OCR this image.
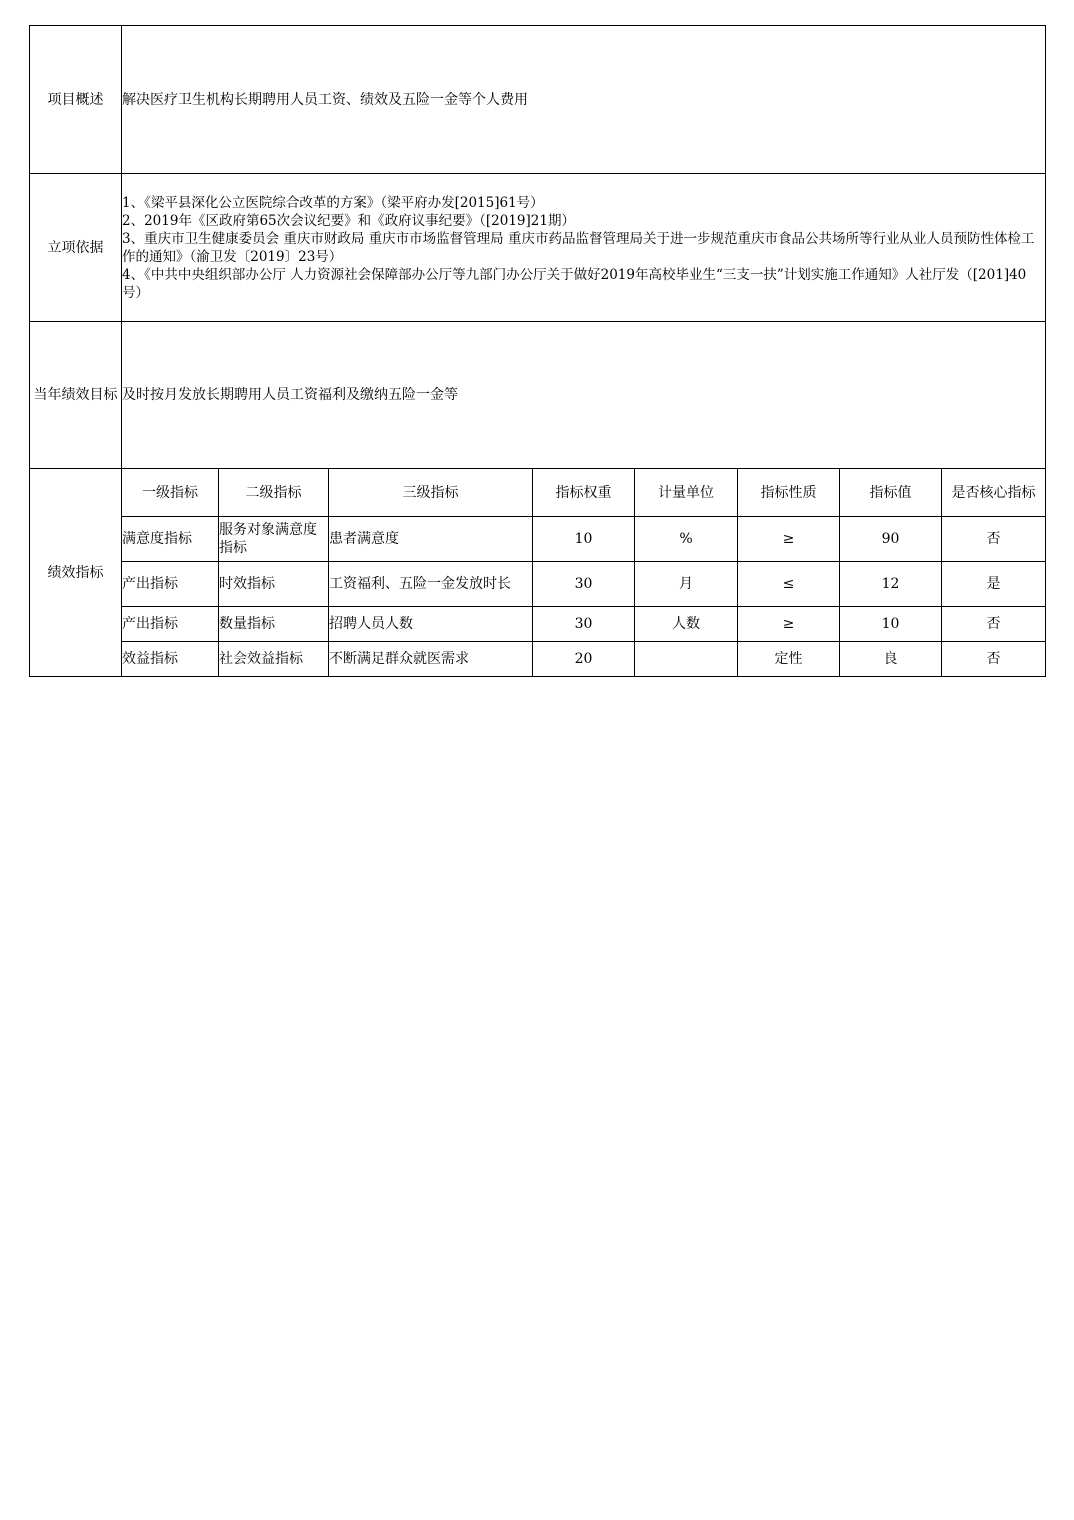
项目概述	解决医疗卫生机构长期聘用人员工资、绩效及五险一金等个人费用							
立项依据	1、《梁平县深化公立医院综合改革的方案》（梁平府办发[2015]61号）
2、2019年《区政府第65次会议纪要》和《政府议事纪要》（[2019]21期）
3、重庆市卫生健康委员会 重庆市财政局 重庆市市场监督管理局 重庆市药品监督管理局关于进一步规范重庆市食品公共场所等行业从业人员预防性体检工作的通知》（渝卫发〔2019〕23号）
4、《中共中央组织部办公厅 人力资源社会保障部办公厅等九部门办公厅关于做好2019年高校毕业生“三支一扶”计划实施工作通知》人社厅发（[201]40号）							

当年绩效目标	及时按月发放长期聘用人员工资福利及缴纳五险一金等							
绩效指标	一级指标	二级指标	三级指标	指标权重	计量单位	指标性质	指标值	是否核心指标
	满意度指标	服务对象满意度指标	患者满意度	10	%	≥	90	否
	产出指标	时效指标	工资福利、五险一金发放时长	30	月	≤	12	是
	产出指标	数量指标	招聘人员人数	30	人数	≥	10	否
	效益指标	社会效益指标	不断满足群众就医需求	20		定性	良	否
